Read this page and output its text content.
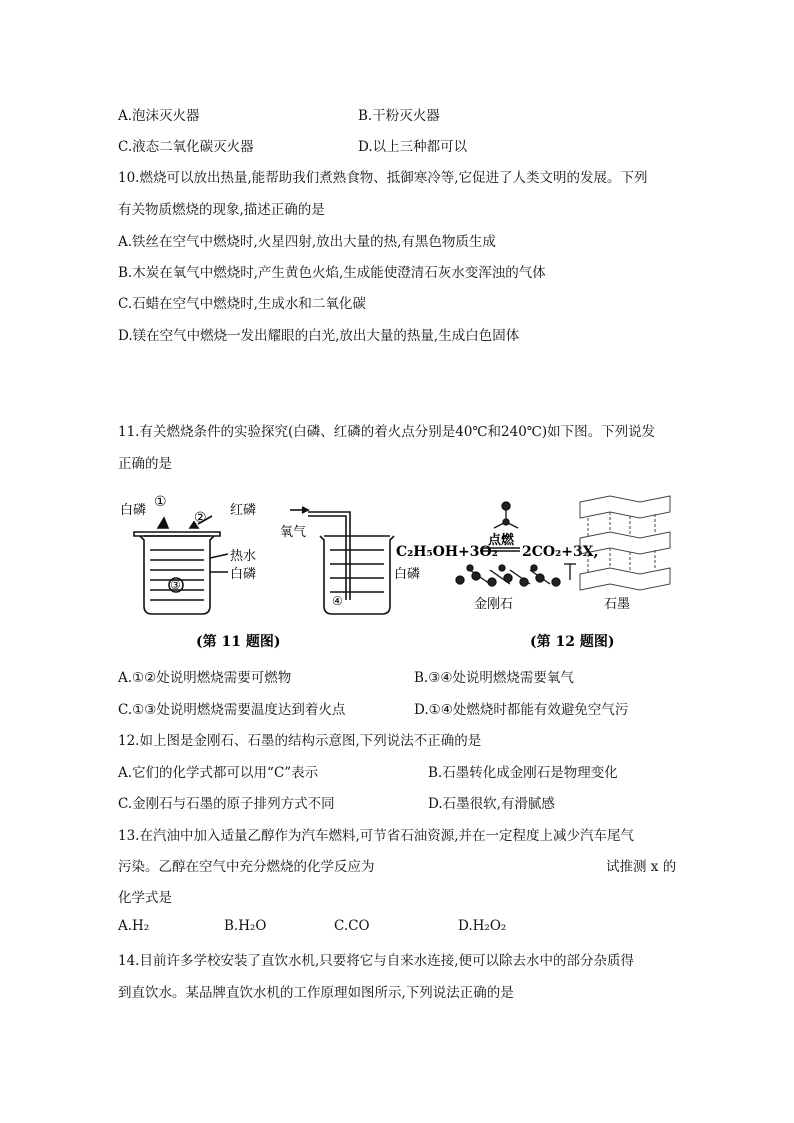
A.泡沫灭火器	B.干粉灭火器
C.液态二氧化碳灭火器	D.以上三种都可以
10.燃烧可以放出热量,能帮助我们煮熟食物、抵御寒冷等,它促进了人类文明的发展。下列
有关物质燃烧的现象,描述正确的是
A.铁丝在空气中燃烧时,火星四射,放出大量的热,有黑色物质生成
B.木炭在氧气中燃烧时,产生黄色火焰,生成能使澄清石灰水变浑浊的气体
C.石蜡在空气中燃烧时,生成水和二氧化碳
D.镁在空气中燃烧一发出耀眼的白光,放出大量的热量,生成白色固体
11.有关燃烧条件的实验探究(白磷、红磷的着火点分别是40℃和240℃)如下图。下列说发
正确的是
白磷
①
② 红磷
热水
白磷
③
氧气
④
白磷
C₂H₅OH+3O₂
点燃
2CO₂+3X,
金刚石	石墨
(第 11 题图)	(第 12 题图)
A.①②处说明燃烧需要可燃物	B.③④处说明燃烧需要氧气
C.①③处说明燃烧需要温度达到着火点	D.①④处燃烧时都能有效避免空气污
12.如上图是金刚石、石墨的结构示意图,下列说法不正确的是
A.它们的化学式都可以用“C”表示	B.石墨转化成金刚石是物理变化
C.金刚石与石墨的原子排列方式不同	D.石墨很软,有滑腻感
13.在汽油中加入适量乙醇作为汽车燃料,可节省石油资源,并在一定程度上减少汽车尾气
污染。乙醇在空气中充分燃烧的化学反应为	试推测 x 的
化学式是
A.H₂	B.H₂O	C.CO	D.H₂O₂
14.目前许多学校安装了直饮水机,只要将它与自来水连接,便可以除去水中的部分杂质得
到直饮水。某品牌直饮水机的工作原理如图所示,下列说法正确的是
